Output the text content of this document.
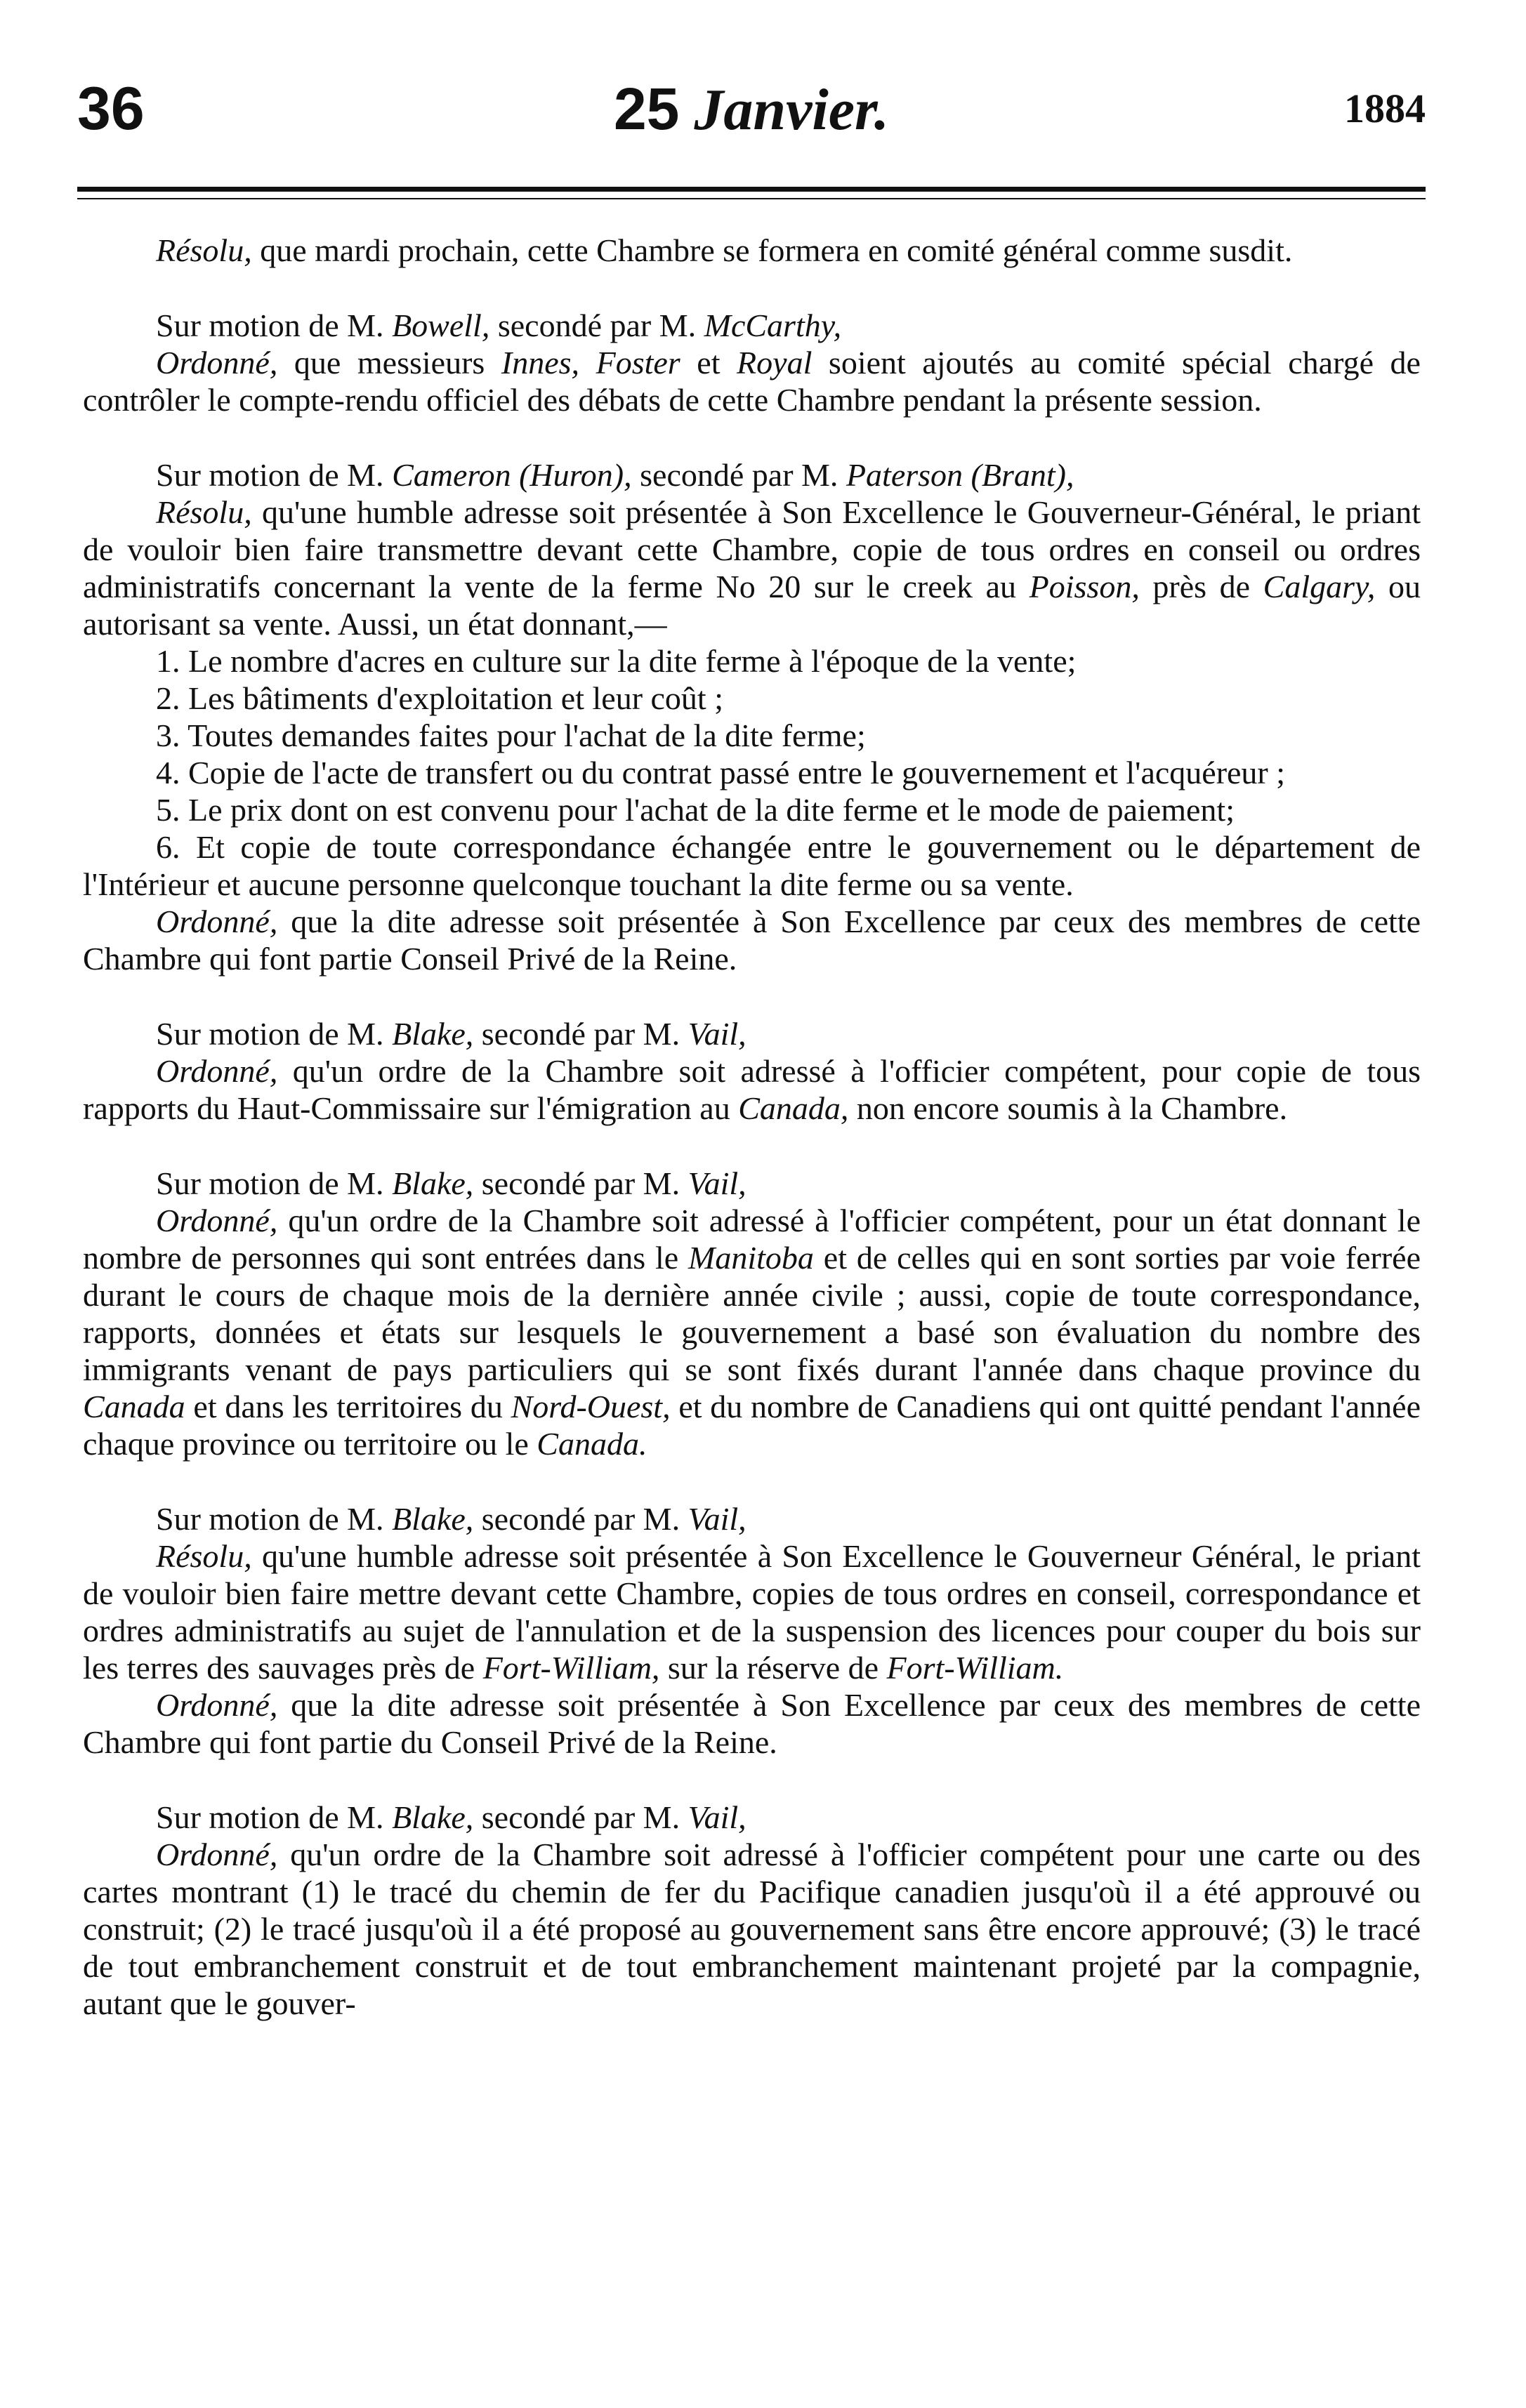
36	25 Janvier.	1884

Résolu, que mardi prochain, cette Chambre se formera en comité général comme susdit.

Sur motion de M. Bowell, secondé par M. McCarthy,

Ordonné, que messieurs Innes, Foster et Royal soient ajoutés au comité spécial chargé de contrôler le compte-rendu officiel des débats de cette Chambre pendant la présente session.

Sur motion de M. Cameron (Huron), secondé par M. Paterson (Brant),

Résolu, qu'une humble adresse soit présentée à Son Excellence le Gouverneur-Général, le priant de vouloir bien faire transmettre devant cette Chambre, copie de tous ordres en conseil ou ordres administratifs concernant la vente de la ferme No 20 sur le creek au Poisson, près de Calgary, ou autorisant sa vente. Aussi, un état donnant,—

1. Le nombre d'acres en culture sur la dite ferme à l'époque de la vente;

2. Les bâtiments d'exploitation et leur coût ;

3. Toutes demandes faites pour l'achat de la dite ferme;

4. Copie de l'acte de transfert ou du contrat passé entre le gouvernement et l'acquéreur ;

5. Le prix dont on est convenu pour l'achat de la dite ferme et le mode de paiement;

6. Et copie de toute correspondance échangée entre le gouvernement ou le département de l'Intérieur et aucune personne quelconque touchant la dite ferme ou sa vente.

Ordonné, que la dite adresse soit présentée à Son Excellence par ceux des membres de cette Chambre qui font partie Conseil Privé de la Reine.

Sur motion de M. Blake, secondé par M. Vail,

Ordonné, qu'un ordre de la Chambre soit adressé à l'officier compétent, pour copie de tous rapports du Haut-Commissaire sur l'émigration au Canada, non encore soumis à la Chambre.

Sur motion de M. Blake, secondé par M. Vail,

Ordonné, qu'un ordre de la Chambre soit adressé à l'officier compétent, pour un état donnant le nombre de personnes qui sont entrées dans le Manitoba et de celles qui en sont sorties par voie ferrée durant le cours de chaque mois de la dernière année civile ; aussi, copie de toute correspondance, rapports, données et états sur lesquels le gouvernement a basé son évaluation du nombre des immigrants venant de pays particuliers qui se sont fixés durant l'année dans chaque province du Canada et dans les territoires du Nord-Ouest, et du nombre de Canadiens qui ont quitté pendant l'année chaque province ou territoire ou le Canada.

Sur motion de M. Blake, secondé par M. Vail,

Résolu, qu'une humble adresse soit présentée à Son Excellence le Gouverneur Général, le priant de vouloir bien faire mettre devant cette Chambre, copies de tous ordres en conseil, correspondance et ordres administratifs au sujet de l'annulation et de la suspension des licences pour couper du bois sur les terres des sauvages près de Fort-William, sur la réserve de Fort-William.

Ordonné, que la dite adresse soit présentée à Son Excellence par ceux des membres de cette Chambre qui font partie du Conseil Privé de la Reine.

Sur motion de M. Blake, secondé par M. Vail,

Ordonné, qu'un ordre de la Chambre soit adressé à l'officier compétent pour une carte ou des cartes montrant (1) le tracé du chemin de fer du Pacifique canadien jusqu'où il a été approuvé ou construit; (2) le tracé jusqu'où il a été proposé au gouvernement sans être encore approuvé; (3) le tracé de tout embranchement construit et de tout embranchement maintenant projeté par la compagnie, autant que le gouver-
